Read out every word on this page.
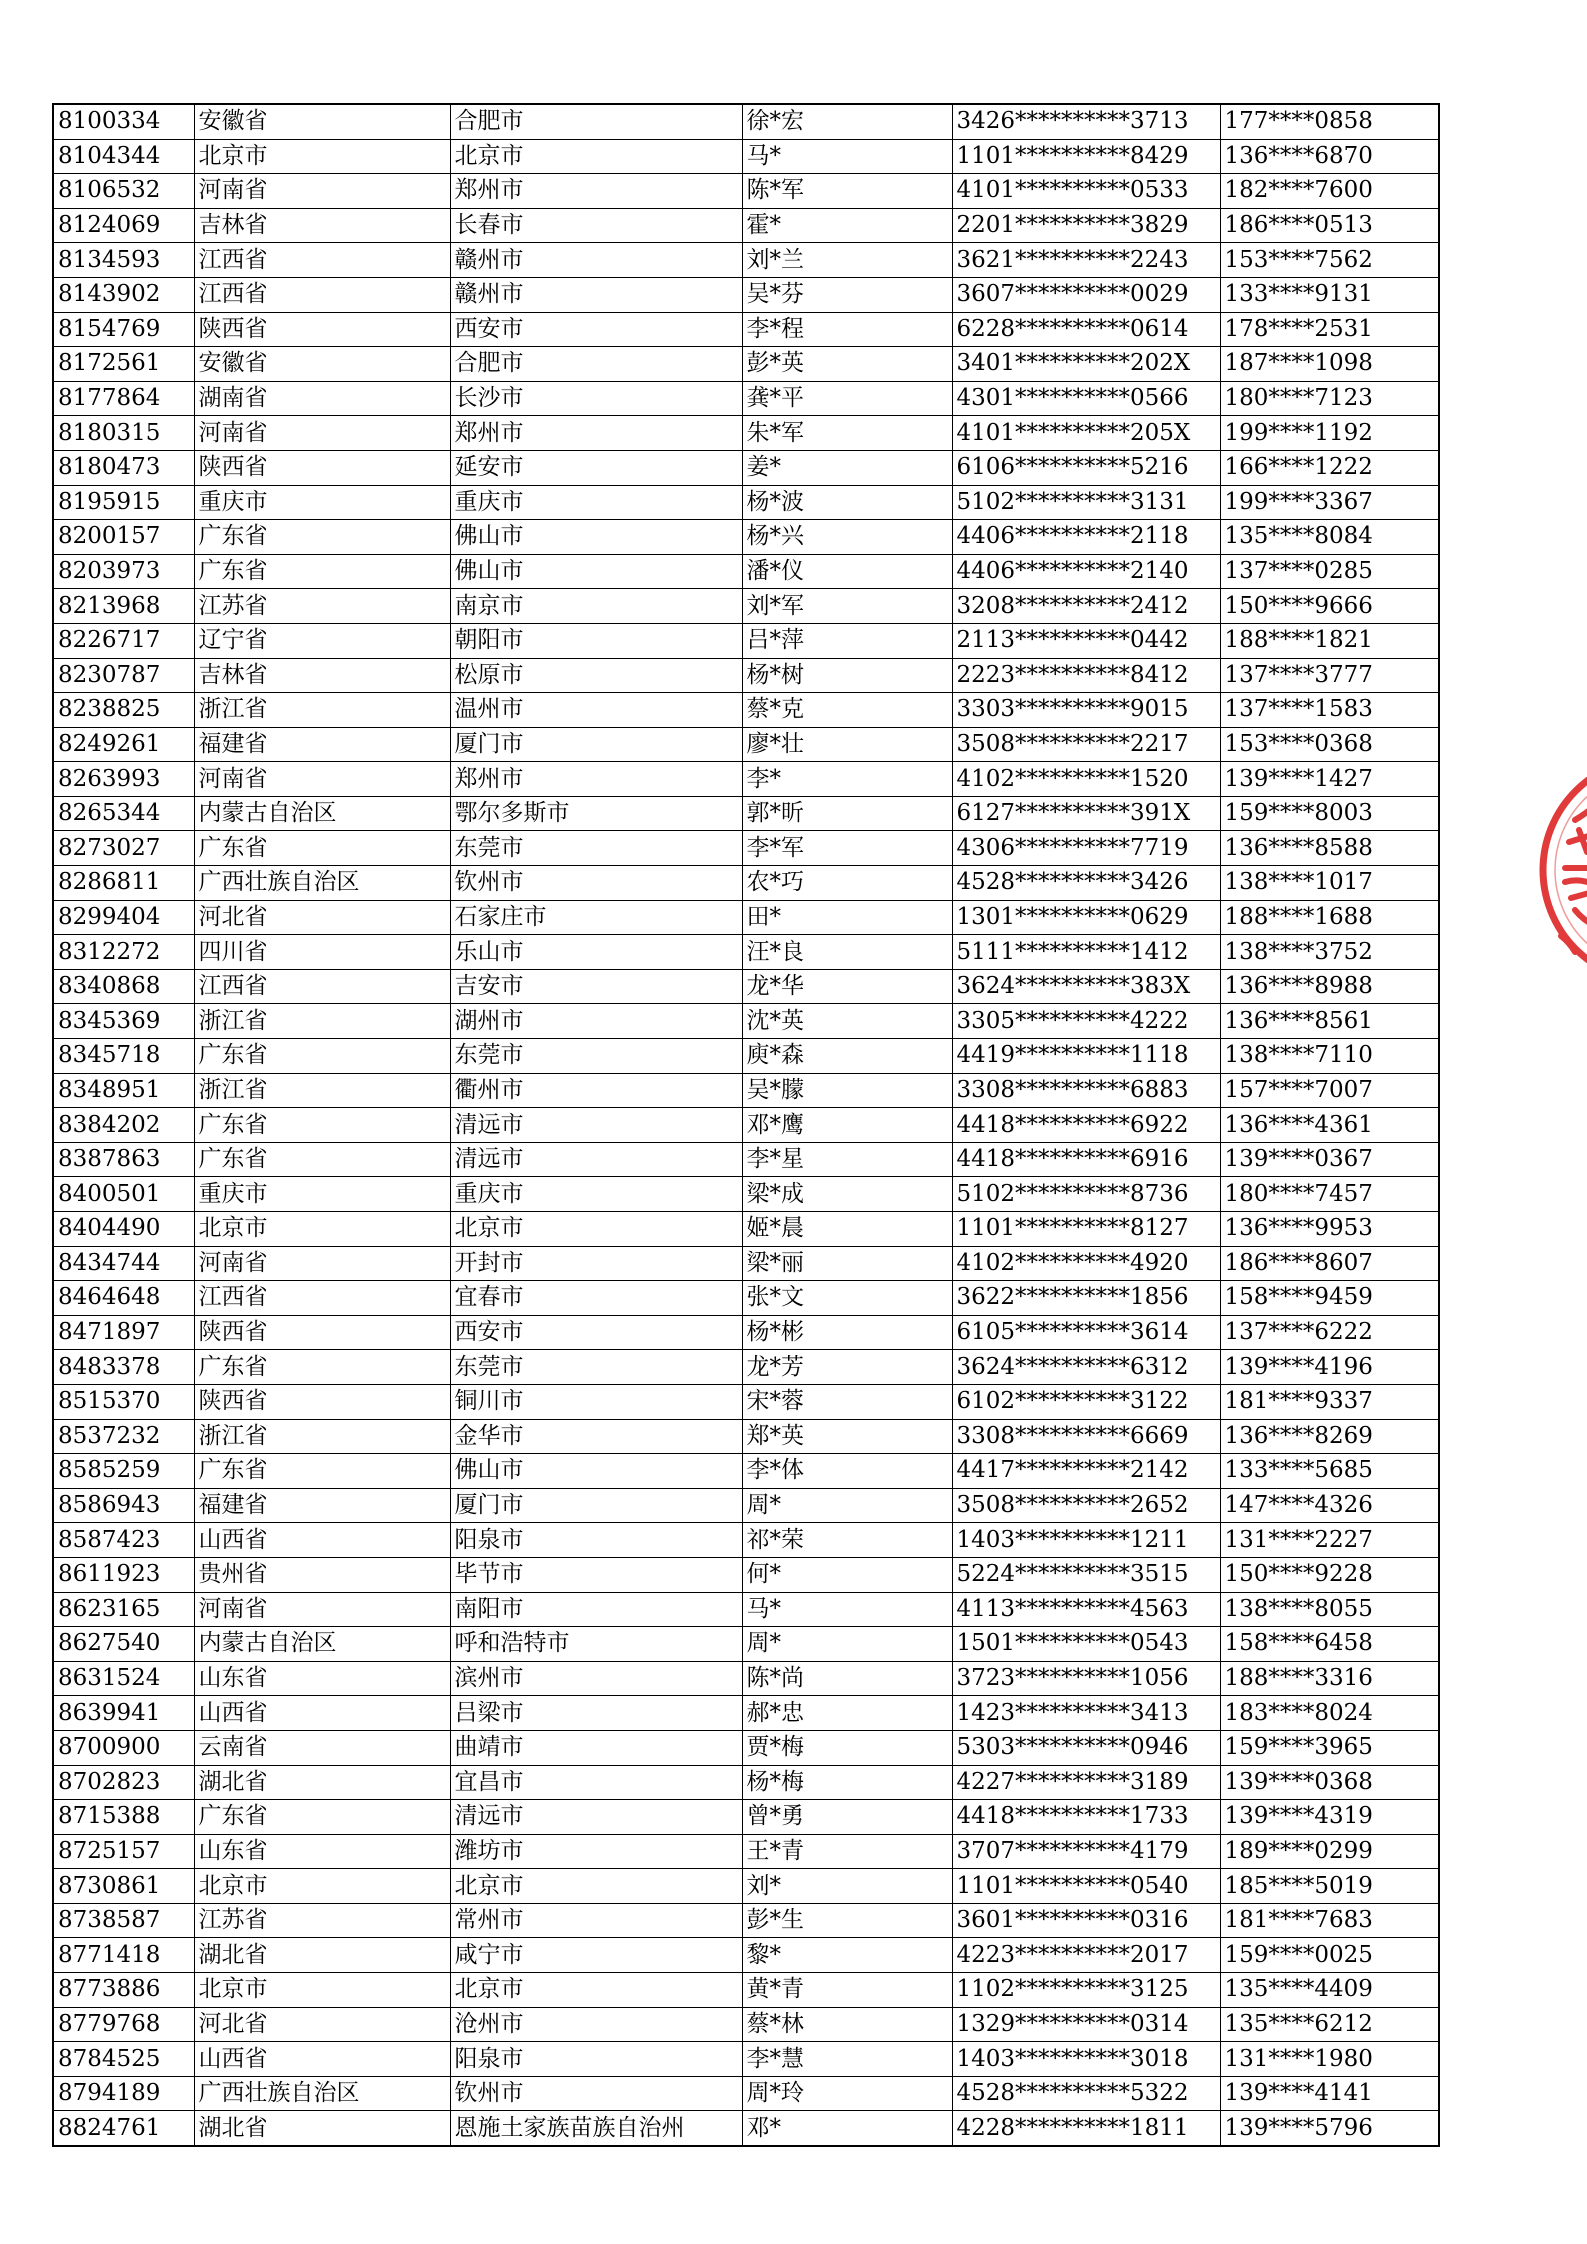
8100334	安徽省	合肥市	徐*宏	3426**********3713	177****0858
8104344	北京市	北京市	马*	1101**********8429	136****6870
8106532	河南省	郑州市	陈*军	4101**********0533	182****7600
8124069	吉林省	长春市	霍*	2201**********3829	186****0513
8134593	江西省	赣州市	刘*兰	3621**********2243	153****7562
8143902	江西省	赣州市	吴*芬	3607**********0029	133****9131
8154769	陕西省	西安市	李*程	6228**********0614	178****2531
8172561	安徽省	合肥市	彭*英	3401**********202X	187****1098
8177864	湖南省	长沙市	龚*平	4301**********0566	180****7123
8180315	河南省	郑州市	朱*军	4101**********205X	199****1192
8180473	陕西省	延安市	姜*	6106**********5216	166****1222
8195915	重庆市	重庆市	杨*波	5102**********3131	199****3367
8200157	广东省	佛山市	杨*兴	4406**********2118	135****8084
8203973	广东省	佛山市	潘*仪	4406**********2140	137****0285
8213968	江苏省	南京市	刘*军	3208**********2412	150****9666
8226717	辽宁省	朝阳市	吕*萍	2113**********0442	188****1821
8230787	吉林省	松原市	杨*树	2223**********8412	137****3777
8238825	浙江省	温州市	蔡*克	3303**********9015	137****1583
8249261	福建省	厦门市	廖*壮	3508**********2217	153****0368
8263993	河南省	郑州市	李*	4102**********1520	139****1427
8265344	内蒙古自治区	鄂尔多斯市	郭*昕	6127**********391X	159****8003
8273027	广东省	东莞市	李*军	4306**********7719	136****8588
8286811	广西壮族自治区	钦州市	农*巧	4528**********3426	138****1017
8299404	河北省	石家庄市	田*	1301**********0629	188****1688
8312272	四川省	乐山市	汪*良	5111**********1412	138****3752
8340868	江西省	吉安市	龙*华	3624**********383X	136****8988
8345369	浙江省	湖州市	沈*英	3305**********4222	136****8561
8345718	广东省	东莞市	庾*森	4419**********1118	138****7110
8348951	浙江省	衢州市	吴*朦	3308**********6883	157****7007
8384202	广东省	清远市	邓*鹰	4418**********6922	136****4361
8387863	广东省	清远市	李*星	4418**********6916	139****0367
8400501	重庆市	重庆市	梁*成	5102**********8736	180****7457
8404490	北京市	北京市	姬*晨	1101**********8127	136****9953
8434744	河南省	开封市	梁*丽	4102**********4920	186****8607
8464648	江西省	宜春市	张*文	3622**********1856	158****9459
8471897	陕西省	西安市	杨*彬	6105**********3614	137****6222
8483378	广东省	东莞市	龙*芳	3624**********6312	139****4196
8515370	陕西省	铜川市	宋*蓉	6102**********3122	181****9337
8537232	浙江省	金华市	郑*英	3308**********6669	136****8269
8585259	广东省	佛山市	李*体	4417**********2142	133****5685
8586943	福建省	厦门市	周*	3508**********2652	147****4326
8587423	山西省	阳泉市	祁*荣	1403**********1211	131****2227
8611923	贵州省	毕节市	何*	5224**********3515	150****9228
8623165	河南省	南阳市	马*	4113**********4563	138****8055
8627540	内蒙古自治区	呼和浩特市	周*	1501**********0543	158****6458
8631524	山东省	滨州市	陈*尚	3723**********1056	188****3316
8639941	山西省	吕梁市	郝*忠	1423**********3413	183****8024
8700900	云南省	曲靖市	贾*梅	5303**********0946	159****3965
8702823	湖北省	宜昌市	杨*梅	4227**********3189	139****0368
8715388	广东省	清远市	曾*勇	4418**********1733	139****4319
8725157	山东省	潍坊市	王*青	3707**********4179	189****0299
8730861	北京市	北京市	刘*	1101**********0540	185****5019
8738587	江苏省	常州市	彭*生	3601**********0316	181****7683
8771418	湖北省	咸宁市	黎*	4223**********2017	159****0025
8773886	北京市	北京市	黄*青	1102**********3125	135****4409
8779768	河北省	沧州市	蔡*林	1329**********0314	135****6212
8784525	山西省	阳泉市	李*慧	1403**********3018	131****1980
8794189	广西壮族自治区	钦州市	周*玲	4528**********5322	139****4141
8824761	湖北省	恩施土家族苗族自治州	邓*	4228**********1811	139****5796
